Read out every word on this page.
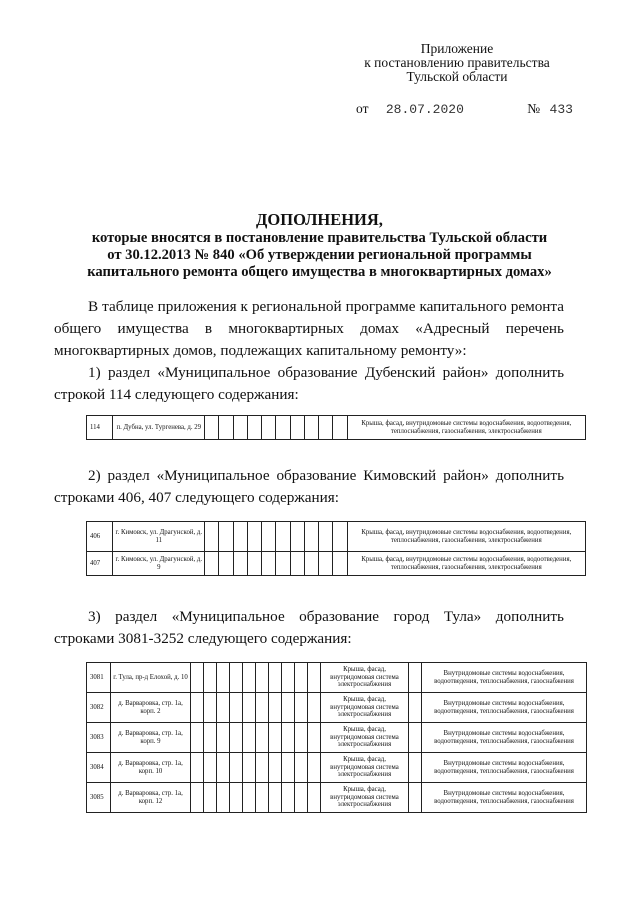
Приложение
к постановлению правительства
Тульской области
от 28.07.2020	№ 433
ДОПОЛНЕНИЯ,
которые вносятся в постановление правительства Тульской области
от 30.12.2013 № 840 «Об утверждении региональной программы
капитального ремонта общего имущества в многоквартирных домах»
В таблице приложения к региональной программе капитального ремонта общего имущества в многоквартирных домах «Адресный перечень многоквартирных домов, подлежащих капитальному ремонту»:
1) раздел «Муниципальное образование Дубенский район» дополнить строкой 114 следующего содержания:
114	п. Дубна, ул. Тургенева, д. 29											Крыша, фасад, внутридомовые системы водоснабжения, водоотведения, теплоснабжения, газоснабжения, электроснабжения
2) раздел «Муниципальное образование Кимовский район» дополнить строками 406, 407 следующего содержания:
406	г. Кимовск, ул. Драгунской, д. 11											Крыша, фасад, внутридомовые системы водоснабжения, водоотведения, теплоснабжения, газоснабжения, электроснабжения
407	г. Кимовск, ул. Драгунской, д. 9											Крыша, фасад, внутридомовые системы водоснабжения, водоотведения, теплоснабжения, газоснабжения, электроснабжения
3) раздел «Муниципальное образование город Тула» дополнить строками 3081-3252 следующего содержания:
3081	г. Тула, пр-д Елохой, д. 10											Крыша, фасад, внутридомовая система электроснабжения		Внутридомовые системы водоснабжения, водоотведения, теплоснабжения, газоснабжения
3082	д. Варваровка, стр. 1а, корп. 2											Крыша, фасад, внутридомовая система электроснабжения		Внутридомовые системы водоснабжения, водоотведения, теплоснабжения, газоснабжения
3083	д. Варваровка, стр. 1а, корп. 9											Крыша, фасад, внутридомовая система электроснабжения		Внутридомовые системы водоснабжения, водоотведения, теплоснабжения, газоснабжения
3084	д. Варваровка, стр. 1а, корп. 10											Крыша, фасад, внутридомовая система электроснабжения		Внутридомовые системы водоснабжения, водоотведения, теплоснабжения, газоснабжения
3085	д. Варваровка, стр. 1а, корп. 12											Крыша, фасад, внутридомовая система электроснабжения		Внутридомовые системы водоснабжения, водоотведения, теплоснабжения, газоснабжения
